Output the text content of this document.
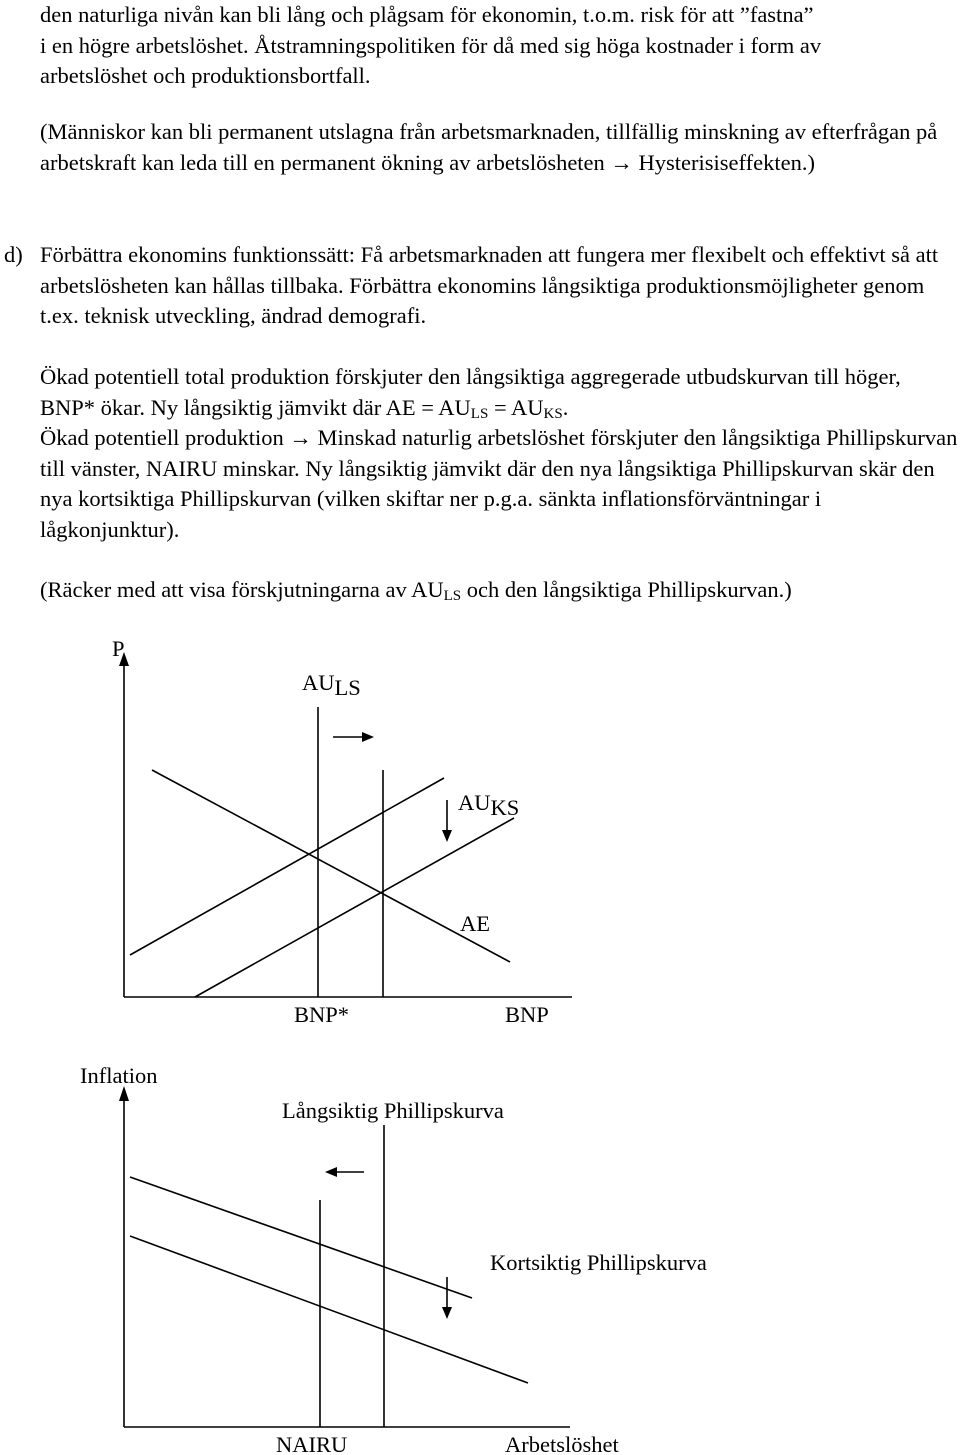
den naturliga nivån kan bli lång och plågsam för ekonomin, t.o.m. risk för att ”fastna”

i en högre arbetslöshet. Åtstramningspolitiken för då med sig höga kostnader i form av

arbetslöshet och produktionsbortfall.

(Människor kan bli permanent utslagna från arbetsmarknaden, tillfällig minskning av efterfrågan på arbetskraft kan leda till en permanent ökning av arbetslösheten → Hysterisiseffekten.)

d) Förbättra ekonomins funktionssätt: Få arbetsmarknaden att fungera mer flexibelt och effektivt så att arbetslösheten kan hållas tillbaka. Förbättra ekonomins långsiktiga produktionsmöjligheter genom t.ex. teknisk utveckling, ändrad demografi.

Ökad potentiell total produktion förskjuter den långsiktiga aggregerade utbudskurvan till höger, BNP* ökar. Ny långsiktig jämvikt där AE = $AU_{LS} = AU_{KS}$.

Ökad potentiell produktion → Minskad naturlig arbetslöshet förskjuter den långsiktiga Phillipskurvan till vänster, NAIRU minskar. Ny långsiktig jämvikt där den nya långsiktiga Phillipskurvan skär den nya kortsiktiga Phillipskurvan (vilken skiftar ner p.g.a. sänkta inflationsförväntningar i lågkonjunktur).

(Räcker med att visa förskjutningarna av $AU_{LS}$ och den långsiktiga Phillipskurvan.)

P
AULS
AUKS
AE
BNP*	BNP
Inflation
Långsiktig Phillipskurva
Kortsiktig Phillipskurva
NAIRU	Arbetslöshet
